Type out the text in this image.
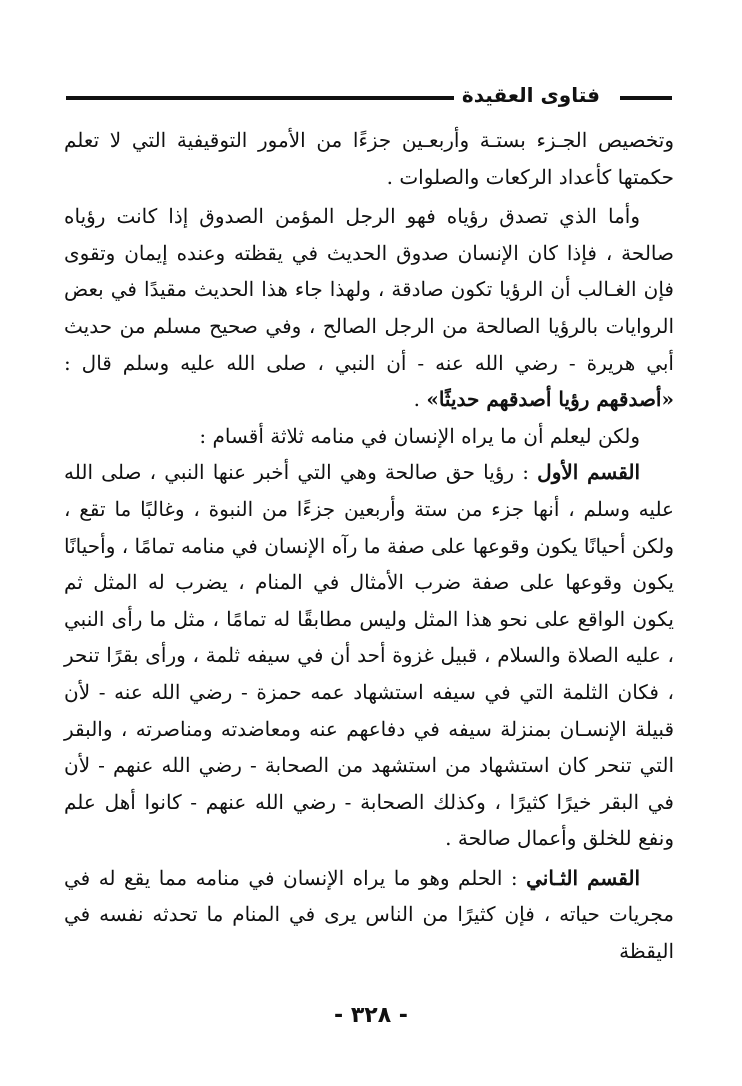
فتاوى العقيدة

وتخصيص الجـزء بستـة وأربعـين جزءًا من الأمور التوقيفية التي لا تعلم حكمتها كأعداد الركعات والصلوات .

وأما الذي تصدق رؤياه فهو الرجل المؤمن الصدوق إذا كانت رؤياه صالحة ، فإذا كان الإنسان صدوق الحديث في يقظته وعنده إيمان وتقوى فإن الغـالب أن الرؤيا تكون صادقة ، ولهذا جاء هذا الحديث مقيدًا في بعض الروايات بالرؤيا الصالحة من الرجل الصالح ، وفي صحيح مسلم من حديث أبي هريرة - رضي الله عنه - أن النبي ، صلى الله عليه وسلم قال : «أصدقهم رؤيا أصدقهم حديثًا» .

ولكن ليعلم أن ما يراه الإنسان في منامه ثلاثة أقسام :

القسم الأول : رؤيا حق صالحة وهي التي أخبر عنها النبي ، صلى الله عليه وسلم ، أنها جزء من ستة وأربعين جزءًا من النبوة ، وغالبًا ما تقع ، ولكن أحيانًا يكون وقوعها على صفة ما رآه الإنسان في منامه تمامًا ، وأحيانًا يكون وقوعها على صفة ضرب الأمثال في المنام ، يضرب له المثل ثم يكون الواقع على نحو هذا المثل وليس مطابقًا له تمامًا ، مثل ما رأى النبي ، عليه الصلاة والسلام ، قبيل غزوة أحد أن في سيفه ثلمة ، ورأى بقرًا تنحر ، فكان الثلمة التي في سيفه استشهاد عمه حمزة - رضي الله عنه - لأن قبيلة الإنسـان بمنزلة سيفه في دفاعهم عنه ومعاضدته ومناصرته ، والبقر التي تنحر كان استشهاد من استشهد من الصحابة - رضي الله عنهم - لأن في البقر خيرًا كثيرًا ، وكذلك الصحابة - رضي الله عنهم - كانوا أهل علم ونفع للخلق وأعمال صالحة .

القسم الثـاني : الحلم وهو ما يراه الإنسان في منامه مما يقع له في مجريات حياته ، فإن كثيرًا من الناس يرى في المنام ما تحدثه نفسه في اليقظة

- ٣٢٨ -
